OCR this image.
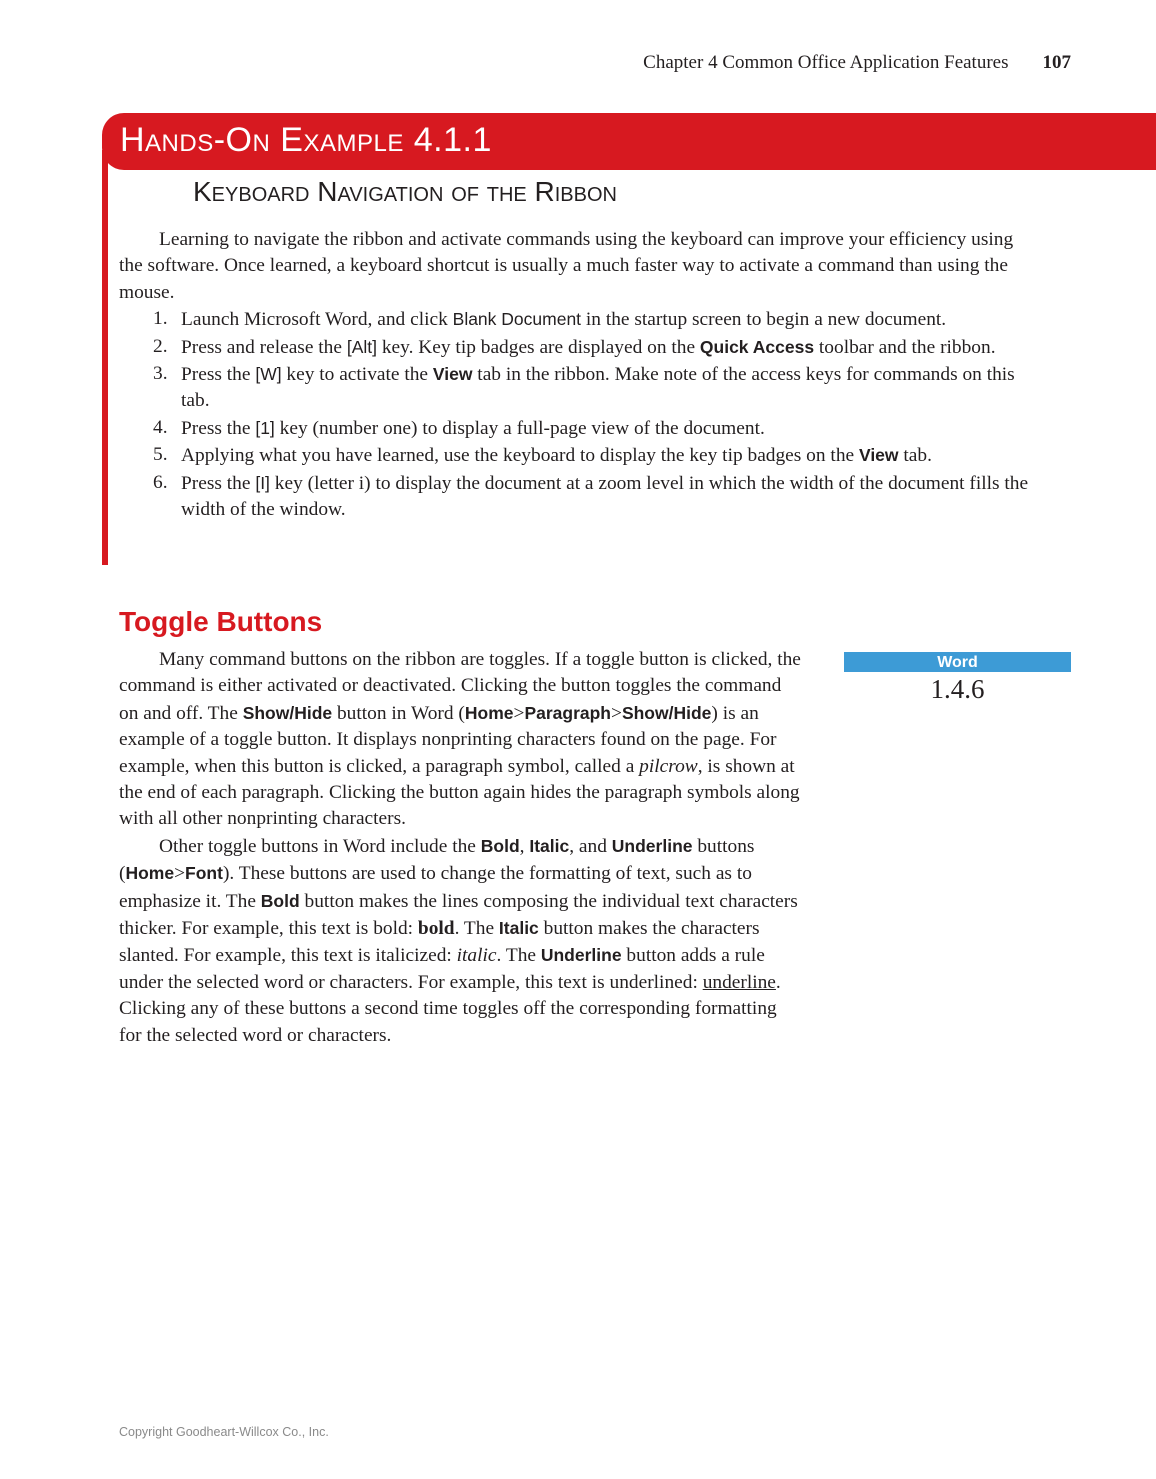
Chapter 4 Common Office Application Features 107
Hands-On Example 4.1.1
Keyboard Navigation of the Ribbon

Learning to navigate the ribbon and activate commands using the keyboard can improve your efficiency using the software. Once learned, a keyboard shortcut is usually a much faster way to activate a command than using the mouse.

1. Launch Microsoft Word, and click Blank Document in the startup screen to begin a new document.
2. Press and release the [Alt] key. Key tip badges are displayed on the Quick Access toolbar and the ribbon.
3. Press the [W] key to activate the View tab in the ribbon. Make note of the access keys for commands on this tab.
4. Press the [1] key (number one) to display a full-page view of the document.
5. Applying what you have learned, use the keyboard to display the key tip badges on the View tab.
6. Press the [I] key (letter i) to display the document at a zoom level in which the width of the document fills the width of the window.
Toggle Buttons

Many command buttons on the ribbon are toggles. If a toggle button is clicked, the command is either activated or deactivated. Clicking the button toggles the command on and off. The Show/Hide button in Word (Home>Paragraph>Show/Hide) is an example of a toggle button. It displays nonprinting characters found on the page. For example, when this button is clicked, a paragraph symbol, called a pilcrow, is shown at the end of each paragraph. Clicking the button again hides the paragraph symbols along with all other nonprinting characters.

Other toggle buttons in Word include the Bold, Italic, and Underline buttons (Home>Font). These buttons are used to change the formatting of text, such as to emphasize it. The Bold button makes the lines composing the individual text characters thicker. For example, this text is bold: bold. The Italic button makes the characters slanted. For example, this text is italicized: italic. The Underline button adds a rule under the selected word or characters. For example, this text is underlined: underline. Clicking any of these buttons a second time toggles off the corresponding formatting for the selected word or characters.

Word
1.4.6
Copyright Goodheart-Willcox Co., Inc.
